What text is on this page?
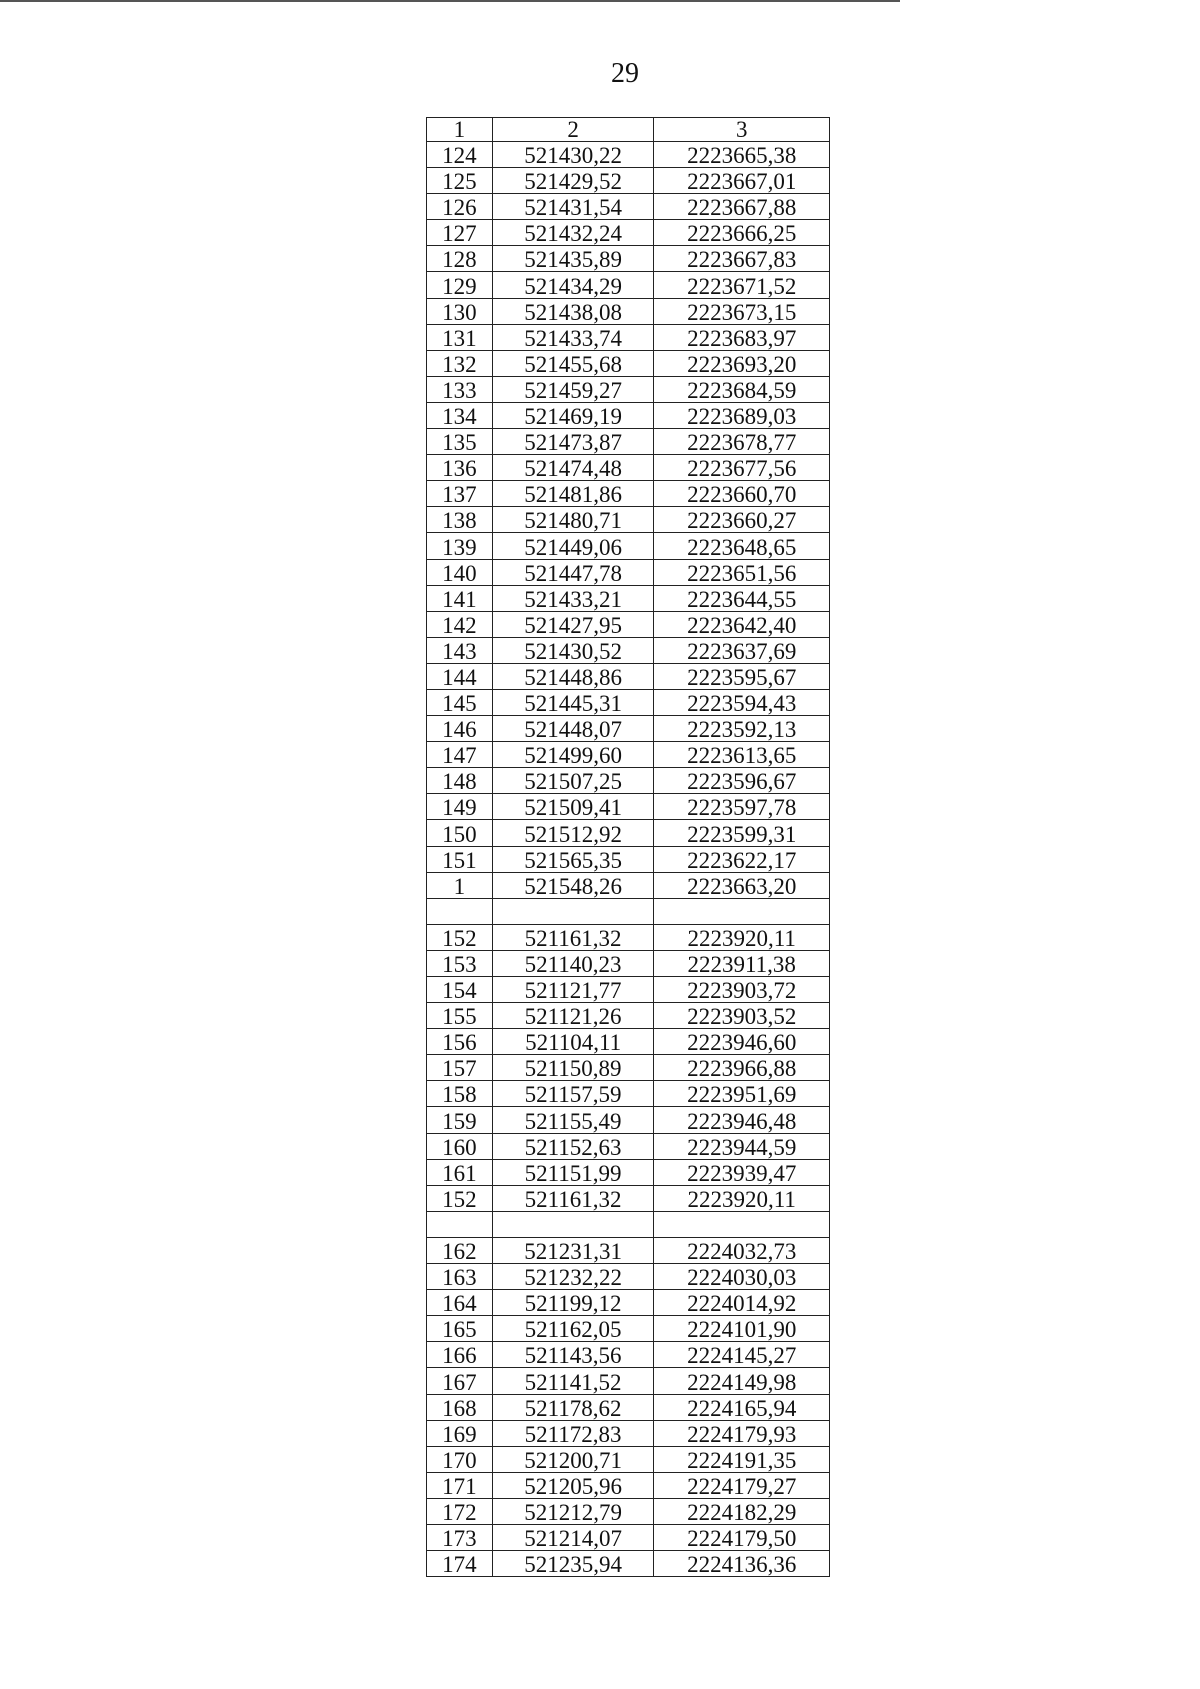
29
1	2	3
124	521430,22	2223665,38
125	521429,52	2223667,01
126	521431,54	2223667,88
127	521432,24	2223666,25
128	521435,89	2223667,83
129	521434,29	2223671,52
130	521438,08	2223673,15
131	521433,74	2223683,97
132	521455,68	2223693,20
133	521459,27	2223684,59
134	521469,19	2223689,03
135	521473,87	2223678,77
136	521474,48	2223677,56
137	521481,86	2223660,70
138	521480,71	2223660,27
139	521449,06	2223648,65
140	521447,78	2223651,56
141	521433,21	2223644,55
142	521427,95	2223642,40
143	521430,52	2223637,69
144	521448,86	2223595,67
145	521445,31	2223594,43
146	521448,07	2223592,13
147	521499,60	2223613,65
148	521507,25	2223596,67
149	521509,41	2223597,78
150	521512,92	2223599,31
151	521565,35	2223622,17
1	521548,26	2223663,20

152	521161,32	2223920,11
153	521140,23	2223911,38
154	521121,77	2223903,72
155	521121,26	2223903,52
156	521104,11	2223946,60
157	521150,89	2223966,88
158	521157,59	2223951,69
159	521155,49	2223946,48
160	521152,63	2223944,59
161	521151,99	2223939,47
152	521161,32	2223920,11

162	521231,31	2224032,73
163	521232,22	2224030,03
164	521199,12	2224014,92
165	521162,05	2224101,90
166	521143,56	2224145,27
167	521141,52	2224149,98
168	521178,62	2224165,94
169	521172,83	2224179,93
170	521200,71	2224191,35
171	521205,96	2224179,27
172	521212,79	2224182,29
173	521214,07	2224179,50
174	521235,94	2224136,36
